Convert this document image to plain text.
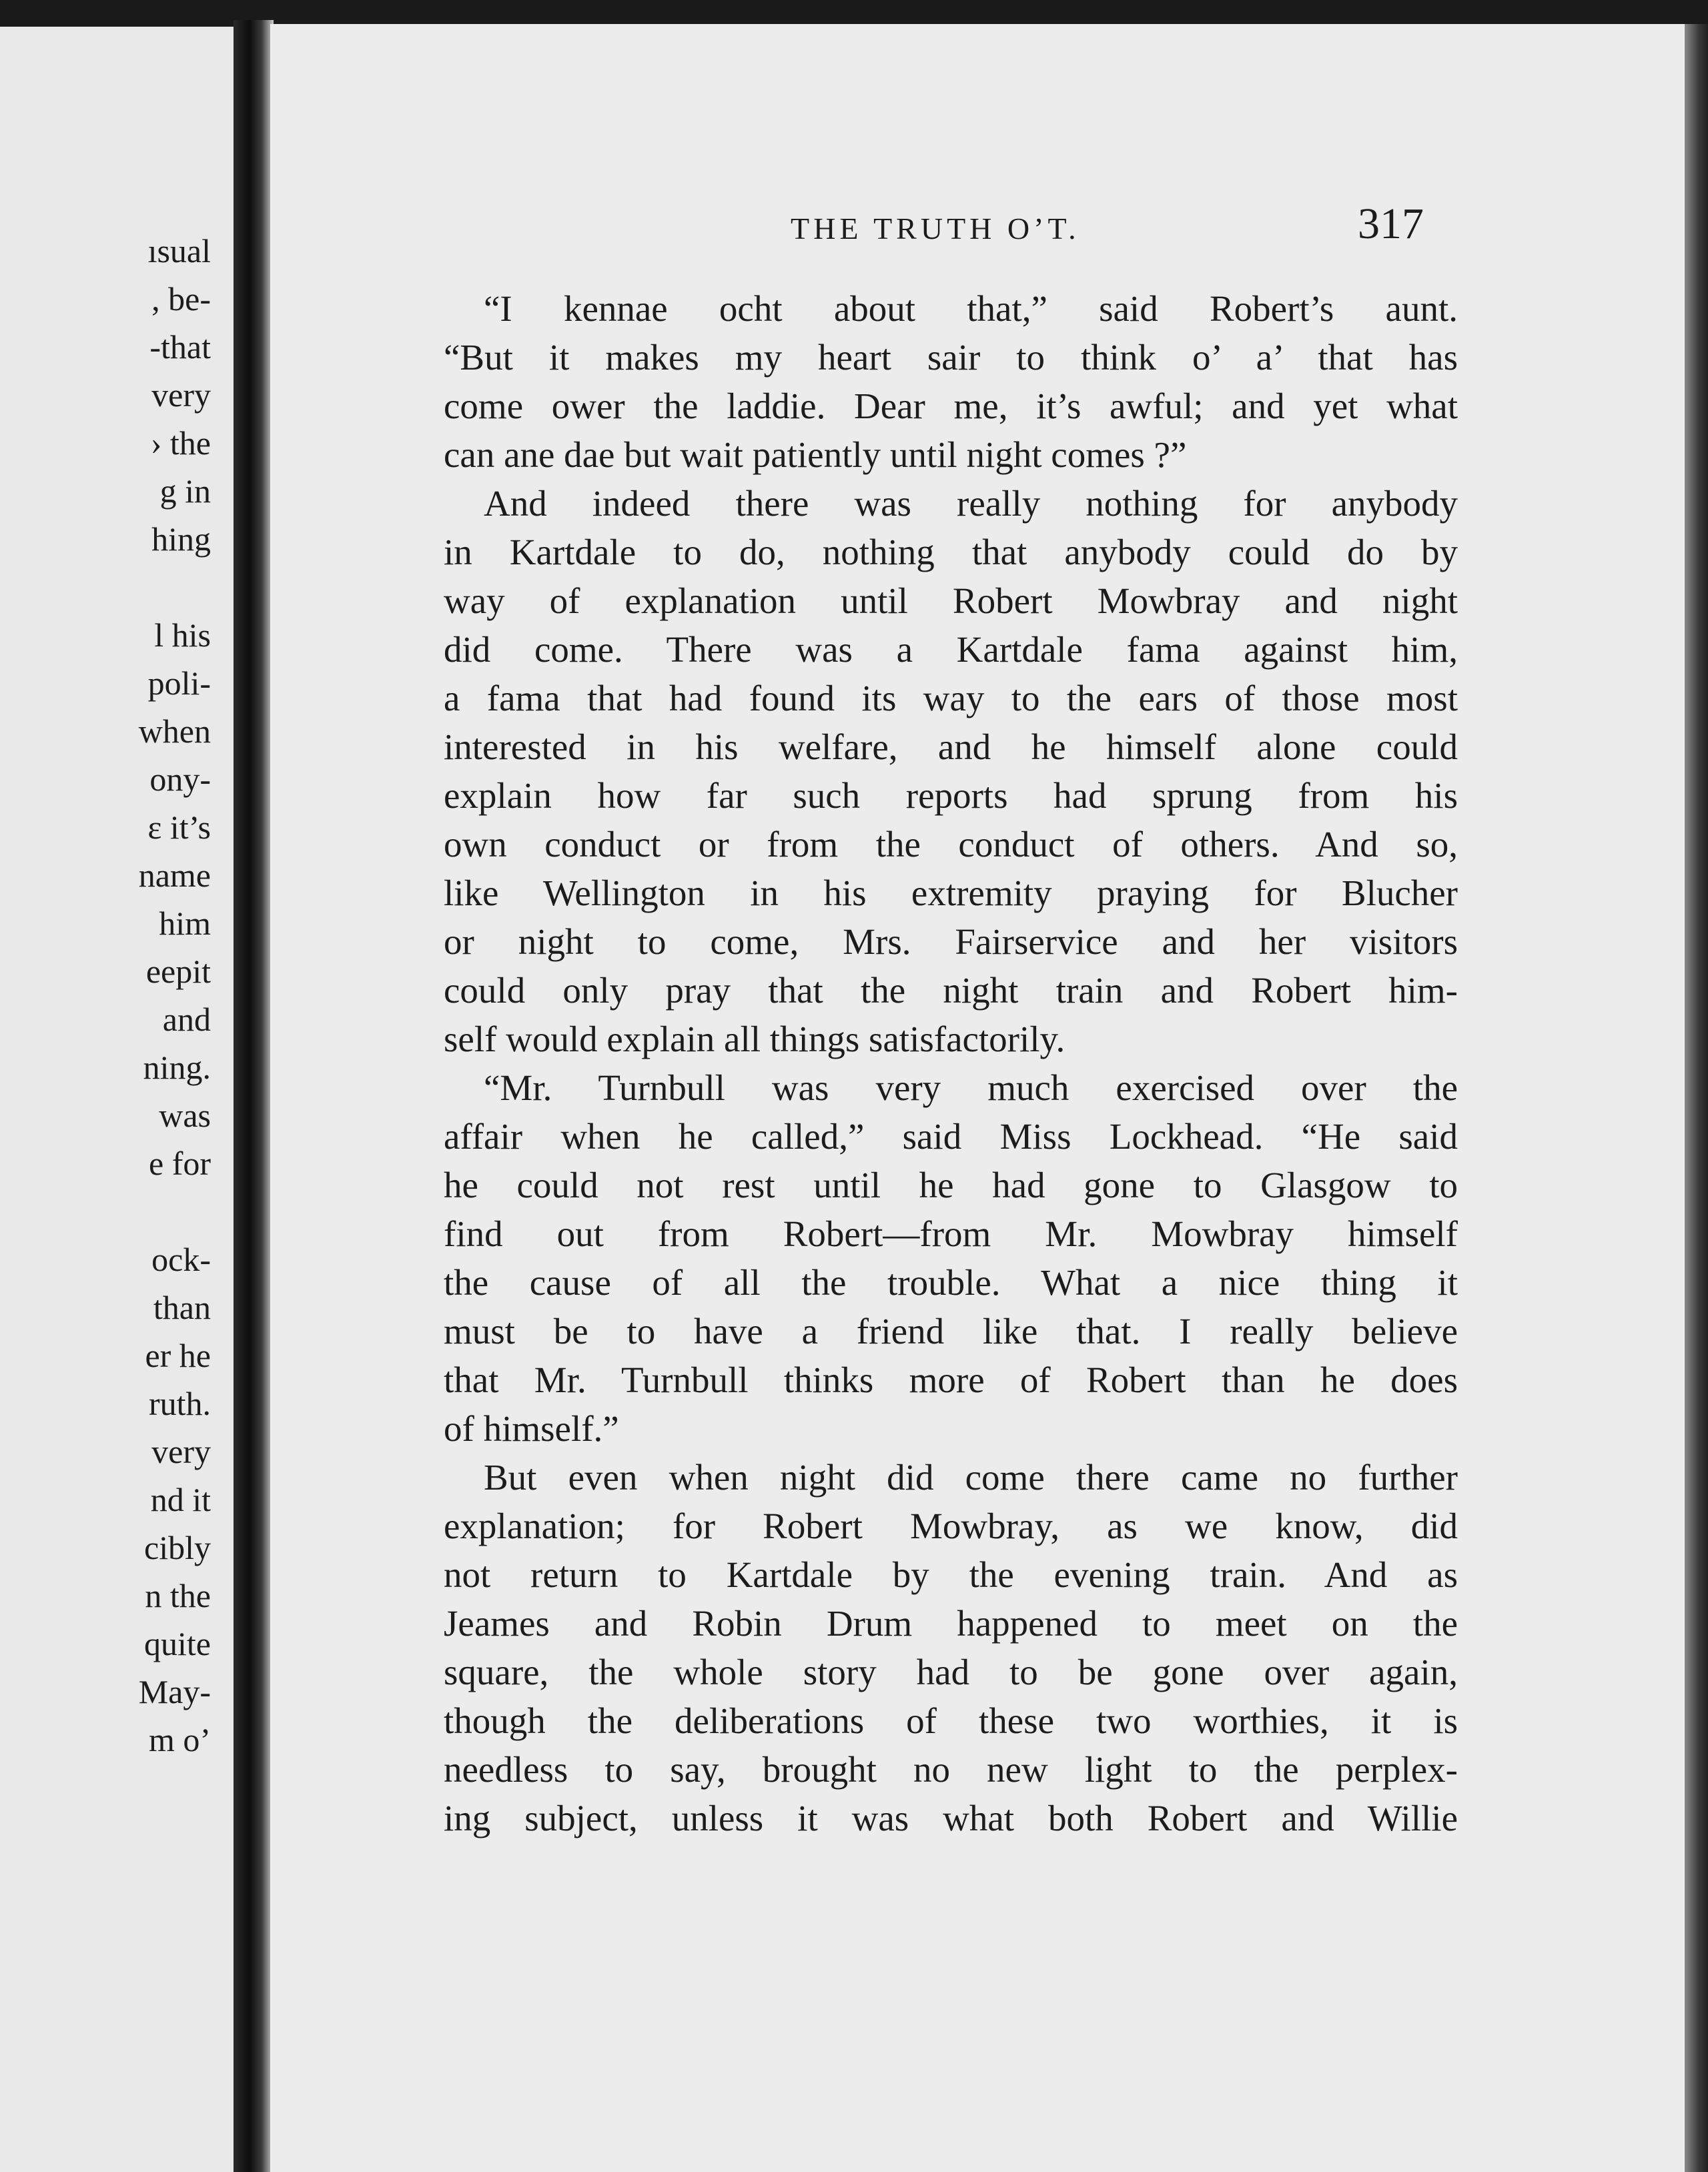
ısual
, be-
-that
very
› the
g in
hing
l his
poli-
when
ony-
ɛ it’s
name
him
eepit
and
ning.
was
e for
ock-
than
er he
ruth.
very
nd it
cibly
n the
quite
May-
m o’
THE TRUTH O’T.	317
“I kennae ocht about that,” said Robert’s aunt.
“But it makes my heart sair to think o’ a’ that has
come ower the laddie. Dear me, it’s awful; and yet what
can ane dae but wait patiently until night comes ?”
And indeed there was really nothing for anybody
in Kartdale to do, nothing that anybody could do by
way of explanation until Robert Mowbray and night
did come. There was a Kartdale fama against him,
a fama that had found its way to the ears of those most
interested in his welfare, and he himself alone could
explain how far such reports had sprung from his
own conduct or from the conduct of others. And so,
like Wellington in his extremity praying for Blucher
or night to come, Mrs. Fairservice and her visitors
could only pray that the night train and Robert him-
self would explain all things satisfactorily.
“Mr. Turnbull was very much exercised over the
affair when he called,” said Miss Lockhead. “He said
he could not rest until he had gone to Glasgow to
find out from Robert—from Mr. Mowbray himself
the cause of all the trouble. What a nice thing it
must be to have a friend like that. I really believe
that Mr. Turnbull thinks more of Robert than he does
of himself.”
But even when night did come there came no further
explanation; for Robert Mowbray, as we know, did
not return to Kartdale by the evening train. And as
Jeames and Robin Drum happened to meet on the
square, the whole story had to be gone over again,
though the deliberations of these two worthies, it is
needless to say, brought no new light to the perplex-
ing subject, unless it was what both Robert and Willie
